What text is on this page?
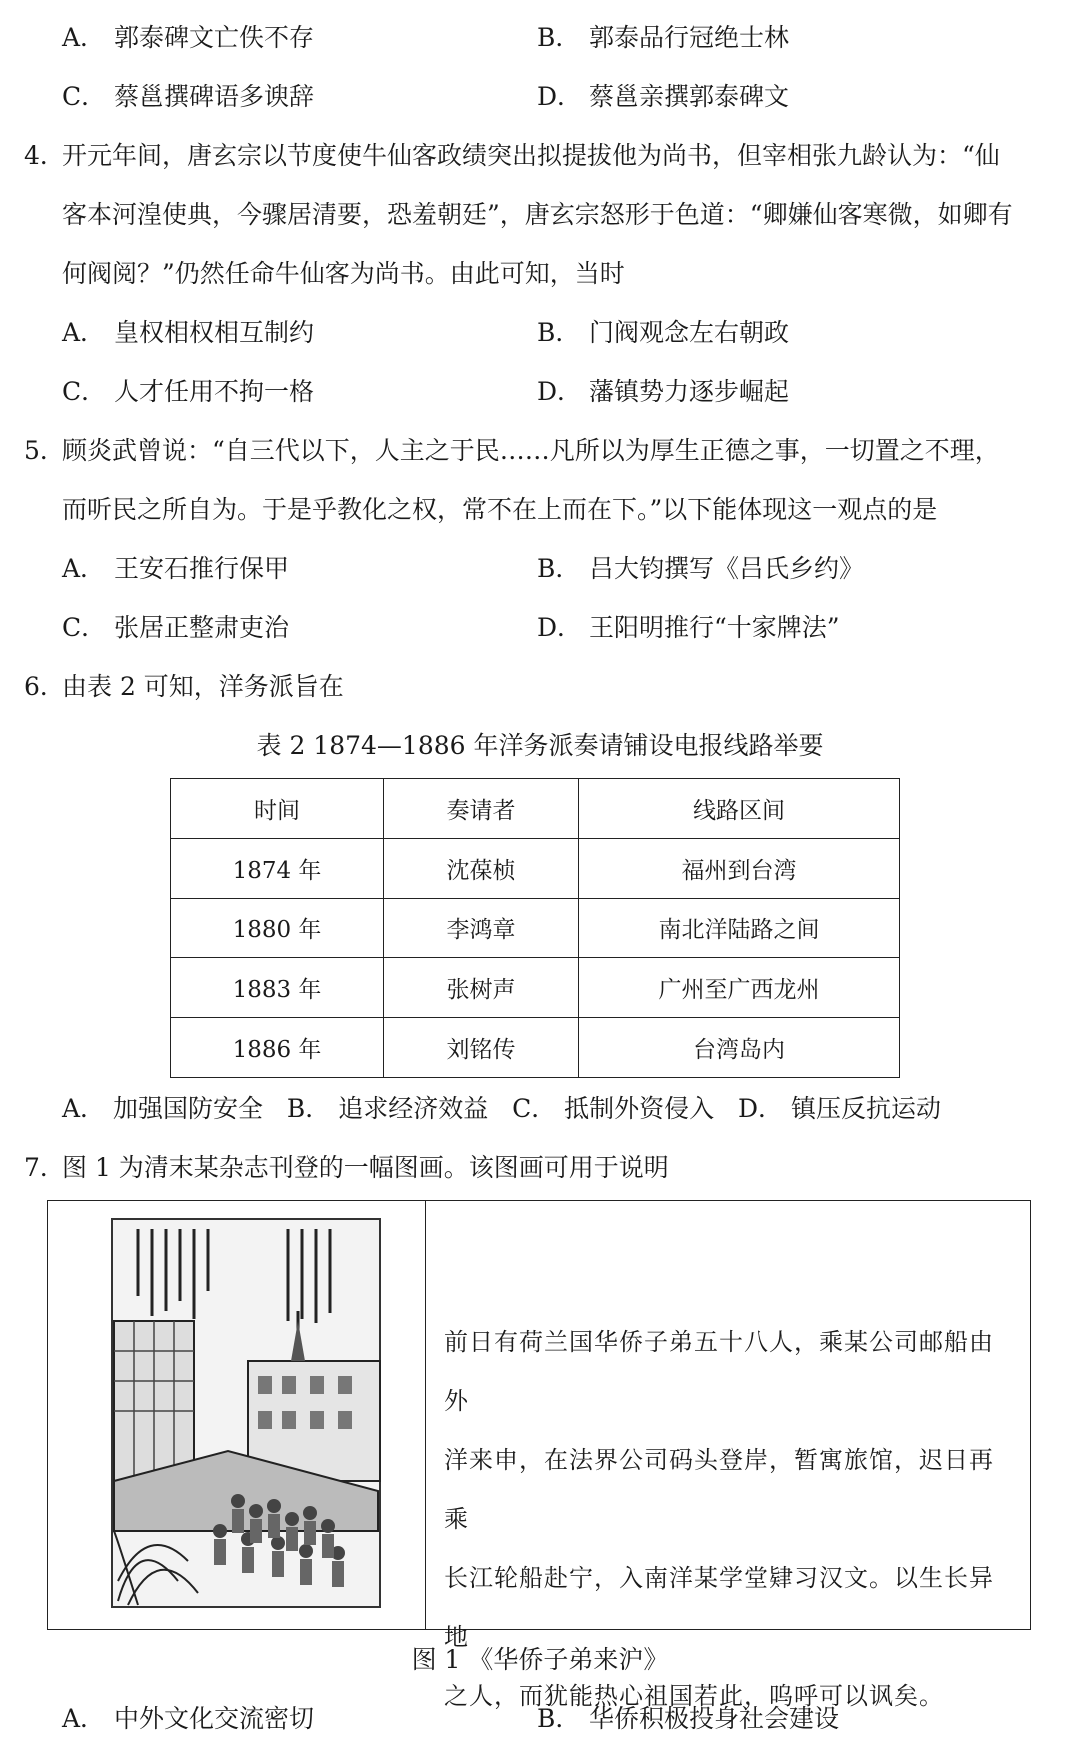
A． 郭泰碑文亡佚不存	B． 郭泰品行冠绝士林
C． 蔡邕撰碑语多谀辞	D． 蔡邕亲撰郭泰碑文
4．开元年间，唐玄宗以节度使牛仙客政绩突出拟提拔他为尚书，但宰相张九龄认为：“仙
客本河湟使典，今骤居清要，恐羞朝廷”，唐玄宗怒形于色道：“卿嫌仙客寒微，如卿有
何阀阅？”仍然任命牛仙客为尚书。由此可知，当时
A． 皇权相权相互制约	B． 门阀观念左右朝政
C． 人才任用不拘一格	D． 藩镇势力逐步崛起
5．顾炎武曾说：“自三代以下，人主之于民……凡所以为厚生正德之事，一切置之不理，
而听民之所自为。于是乎教化之权，常不在上而在下。”以下能体现这一观点的是
A． 王安石推行保甲	B． 吕大钧撰写《吕氏乡约》
C． 张居正整肃吏治	D． 王阳明推行“十家牌法”
6．由表 2 可知，洋务派旨在
表 2 1874—1886 年洋务派奏请铺设电报线路举要
时间	奏请者	线路区间
1874 年	沈葆桢	福州到台湾
1880 年	李鸿章	南北洋陆路之间
1883 年	张树声	广州至广西龙州
1886 年	刘铭传	台湾岛内
A． 加强国防安全 B． 追求经济效益 C． 抵制外资侵入 D． 镇压反抗运动
7．图 1 为清末某杂志刊登的一幅图画。该图画可用于说明
前日有荷兰国华侨子弟五十八人，乘某公司邮船由外
洋来申，在法界公司码头登岸，暂寓旅馆，迟日再乘
长江轮船赴宁，入南洋某学堂肄习汉文。以生长异地
之人，而犹能热心祖国若此，呜呼可以讽矣。
图 1 《华侨子弟来沪》
A． 中外文化交流密切	B． 华侨积极投身社会建设
